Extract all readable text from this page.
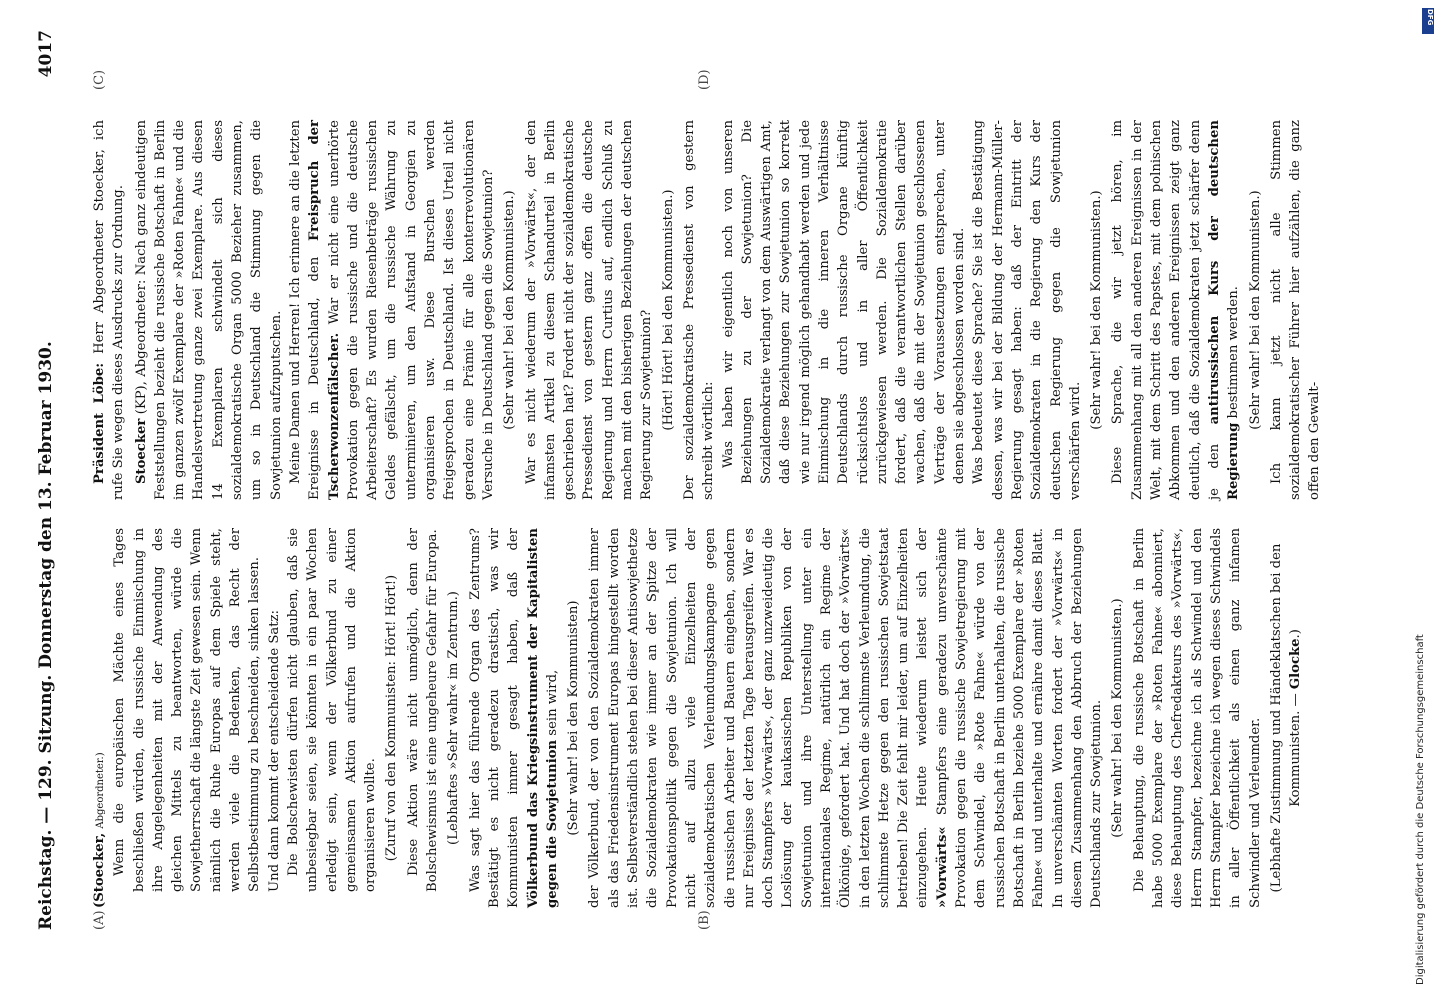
Reichstag. — 129. Sitzung. Donnerstag den 13. Februar 1930.
4017
(A)	(B)
(C)	(D)

(Stoecker, Abgeordneter.) Wenn die europäischen Mächte eines Tages beschließen würden, die russische Einmischung in ihre Angelegenheiten mit der Anwendung des gleichen Mittels zu beantworten, würde die Sowjetherrschaft die längste Zeit gewesen sein. Wenn nämlich die Ruhe Europas auf dem Spiele steht, werden viele die Bedenken, das Recht der Selbstbestimmung zu beschneiden, sinken lassen. Und dann kommt der entscheidende Satz: Die Bolschewisten dürfen nicht glauben, daß sie unbesiegbar seien, sie könnten in ein paar Wochen erledigt sein, wenn der Völkerbund zu einer gemeinsamen Aktion aufrufen und die Aktion organisieren wollte. (Zuruf von den Kommunisten: Hört! Hört!) Diese Aktion wäre nicht unmöglich, denn der Bolschewismus ist eine ungeheure Gefahr für Europa. (Lebhaftes »Sehr wahr« im Zentrum.) Was sagt hier das führende Organ des Zentrums? Bestätigt es nicht geradezu drastisch, was wir Kommunisten immer gesagt haben, daß der Völkerbund das Kriegsinstrument der Kapitalisten gegen die Sowjetunion sein wird, (Sehr wahr! bei den Kommunisten) der Völkerbund, der von den Sozialdemokraten immer als das Friedensinstrument Europas hingestellt worden ist. Selbstverständlich stehen bei dieser Antisowjethetze die Sozialdemokraten wie immer an der Spitze der Provokationspolitik gegen die Sowjetunion. Ich will nicht auf allzu viele Einzelheiten der sozialdemokratischen Verleumdungskampagne gegen die russischen Arbeiter und Bauern eingehen, sondern nur Ereignisse der letzten Tage herausgreifen. War es doch Stampfers »Vorwärts«, der ganz unzweideutig die Loslösung der kaukasischen Republiken von der Sowjetunion und ihre Unterstellung unter ein internationales Regime, natürlich ein Regime der Ölkönige, gefordert hat. Und hat doch der »Vorwärts« in den letzten Wochen die schlimmste Verleumdung, die schlimmste Hetze gegen den russischen Sowjetstaat betrieben! Die Zeit fehlt mir leider, um auf Einzelheiten einzugehen. Heute wiederum leistet sich der »Vorwärts« Stampfers eine geradezu unverschämte Provokation gegen die russische Sowjetregierung mit dem Schwindel, die »Rote Fahne« würde von der russischen Botschaft in Berlin unterhalten, die russische Botschaft in Berlin beziehe 5000 Exemplare der »Roten Fahne« und unterhalte und ernähre damit dieses Blatt. In unverschämten Worten fordert der »Vorwärts« in diesem Zusammenhang den Abbruch der Beziehungen Deutschlands zur Sowjetunion. (Sehr wahr! bei den Kommunisten.) Die Behauptung, die russische Botschaft in Berlin habe 5000 Exemplare der »Roten Fahne« abonniert, diese Behauptung des Chefredakteurs des »Vorwärts«, Herrn Stampfer, bezeichne ich als Schwindel und den Herrn Stampfer bezeichne ich wegen dieses Schwindels in aller Öffentlichkeit als einen ganz infamen Schwindler und Verleumder. (Lebhafte Zustimmung und Händeklatschen bei den Kommunisten. — Glocke.)

Präsident Löbe: Herr Abgeordneter Stoecker, ich rufe Sie wegen dieses Ausdrucks zur Ordnung. Stoecker (KP), Abgeordneter: Nach ganz eindeutigen Feststellungen bezieht die russische Botschaft in Berlin im ganzen zwölf Exemplare der »Roten Fahne« und die Handelsvertretung ganze zwei Exemplare. Aus diesen 14 Exemplaren schwindelt sich dieses sozialdemokratische Organ 5000 Bezieher zusammen, um so in Deutschland die Stimmung gegen die Sowjetunion aufzuputschen. Meine Damen und Herren! Ich erinnere an die letzten Ereignisse in Deutschland, den Freispruch der Tscherwonzenfälscher. War er nicht eine unerhörte Provokation gegen die russische und die deutsche Arbeiterschaft? Es wurden Riesenbeträge russischen Geldes gefälscht, um die russische Währung zu unterminieren, um den Aufstand in Georgien zu organisieren usw. Diese Burschen werden freigesprochen in Deutschland. Ist dieses Urteil nicht geradezu eine Prämie für alle konterrevolutionären Versuche in Deutschland gegen die Sowjetunion? (Sehr wahr! bei den Kommunisten.) War es nicht wiederum der »Vorwärts«, der den infamsten Artikel zu diesem Schandurteil in Berlin geschrieben hat? Fordert nicht der sozialdemokratische Pressedienst von gestern ganz offen die deutsche Regierung und Herrn Curtius auf, endlich Schluß zu machen mit den bisherigen Beziehungen der deutschen Regierung zur Sowjetunion? (Hört! Hört! bei den Kommunisten.) Der sozialdemokratische Pressedienst von gestern schreibt wörtlich: Was haben wir eigentlich noch von unseren Beziehungen zu der Sowjetunion? Die Sozialdemokratie verlangt von dem Auswärtigen Amt, daß diese Beziehungen zur Sowjetunion so korrekt wie nur irgend möglich gehandhabt werden und jede Einmischung in die inneren Verhältnisse Deutschlands durch russische Organe künftig rücksichtslos und in aller Öffentlichkeit zurückgewiesen werden. Die Sozialdemokratie fordert, daß die verantwortlichen Stellen darüber wachen, daß die mit der Sowjetunion geschlossenen Verträge der Voraussetzungen entsprechen, unter denen sie abgeschlossen worden sind. Was bedeutet diese Sprache? Sie ist die Bestätigung dessen, was wir bei der Bildung der Hermann-Müller-Regierung gesagt haben: daß der Eintritt der Sozialdemokraten in die Regierung den Kurs der deutschen Regierung gegen die Sowjetunion verschärfen wird.

(Sehr wahr! bei den Kommunisten.) Diese Sprache, die wir jetzt hören, im Zusammenhang mit all den anderen Ereignissen in der Welt, mit dem Schritt des Papstes, mit dem polnischen Abkommen und den anderen Ereignissen zeigt ganz deutlich, daß die Sozialdemokraten jetzt schärfer denn je den antirussischen Kurs der deutschen Regierung bestimmen werden. (Sehr wahr! bei den Kommunisten.) Ich kann jetzt nicht alle Stimmen sozialdemokratischer Führer hier aufzählen, die ganz offen den Gewalt-

DFG
Digitalisierung gefördert durch die Deutsche Forschungsgemeinschaft
